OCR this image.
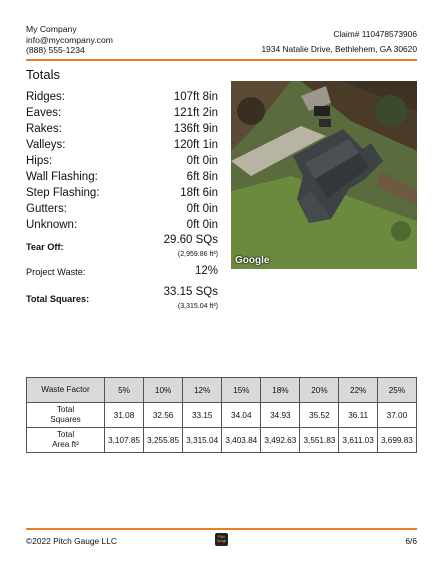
My Company
info@mycompany.com
(888) 555-1234
Claim# 110478573906
1934 Natalie Drive, Bethlehem, GA 30620
Totals
Ridges:	107ft 8in
Eaves:	121ft 2in
Rakes:	136ft 9in
Valleys:	120ft 1in
Hips:	0ft 0in
Wall Flashing:	6ft 8in
Step Flashing:	18ft 6in
Gutters:	0ft 0in
Unknown:	0ft 0in
Tear Off:
29.60 SQs
(2,959.86 ft²)
Project Waste:	12%
Total Squares:
33.15 SQs
(3,315.04 ft²)
Google
Waste Factor	5%	10%	12%	15%	18%	20%	22%	25%
Total
Squares	31.08	32.56	33.15	34.04	34.93	35.52	36.11	37.00
Total
Area ft²	3,107.85	3,255.85	3,315.04	3,403.84	3,492.63	3,551.83	3,611.03	3,699.83
©2022 Pitch Gauge LLC	Pitch
Gauge	6/6
